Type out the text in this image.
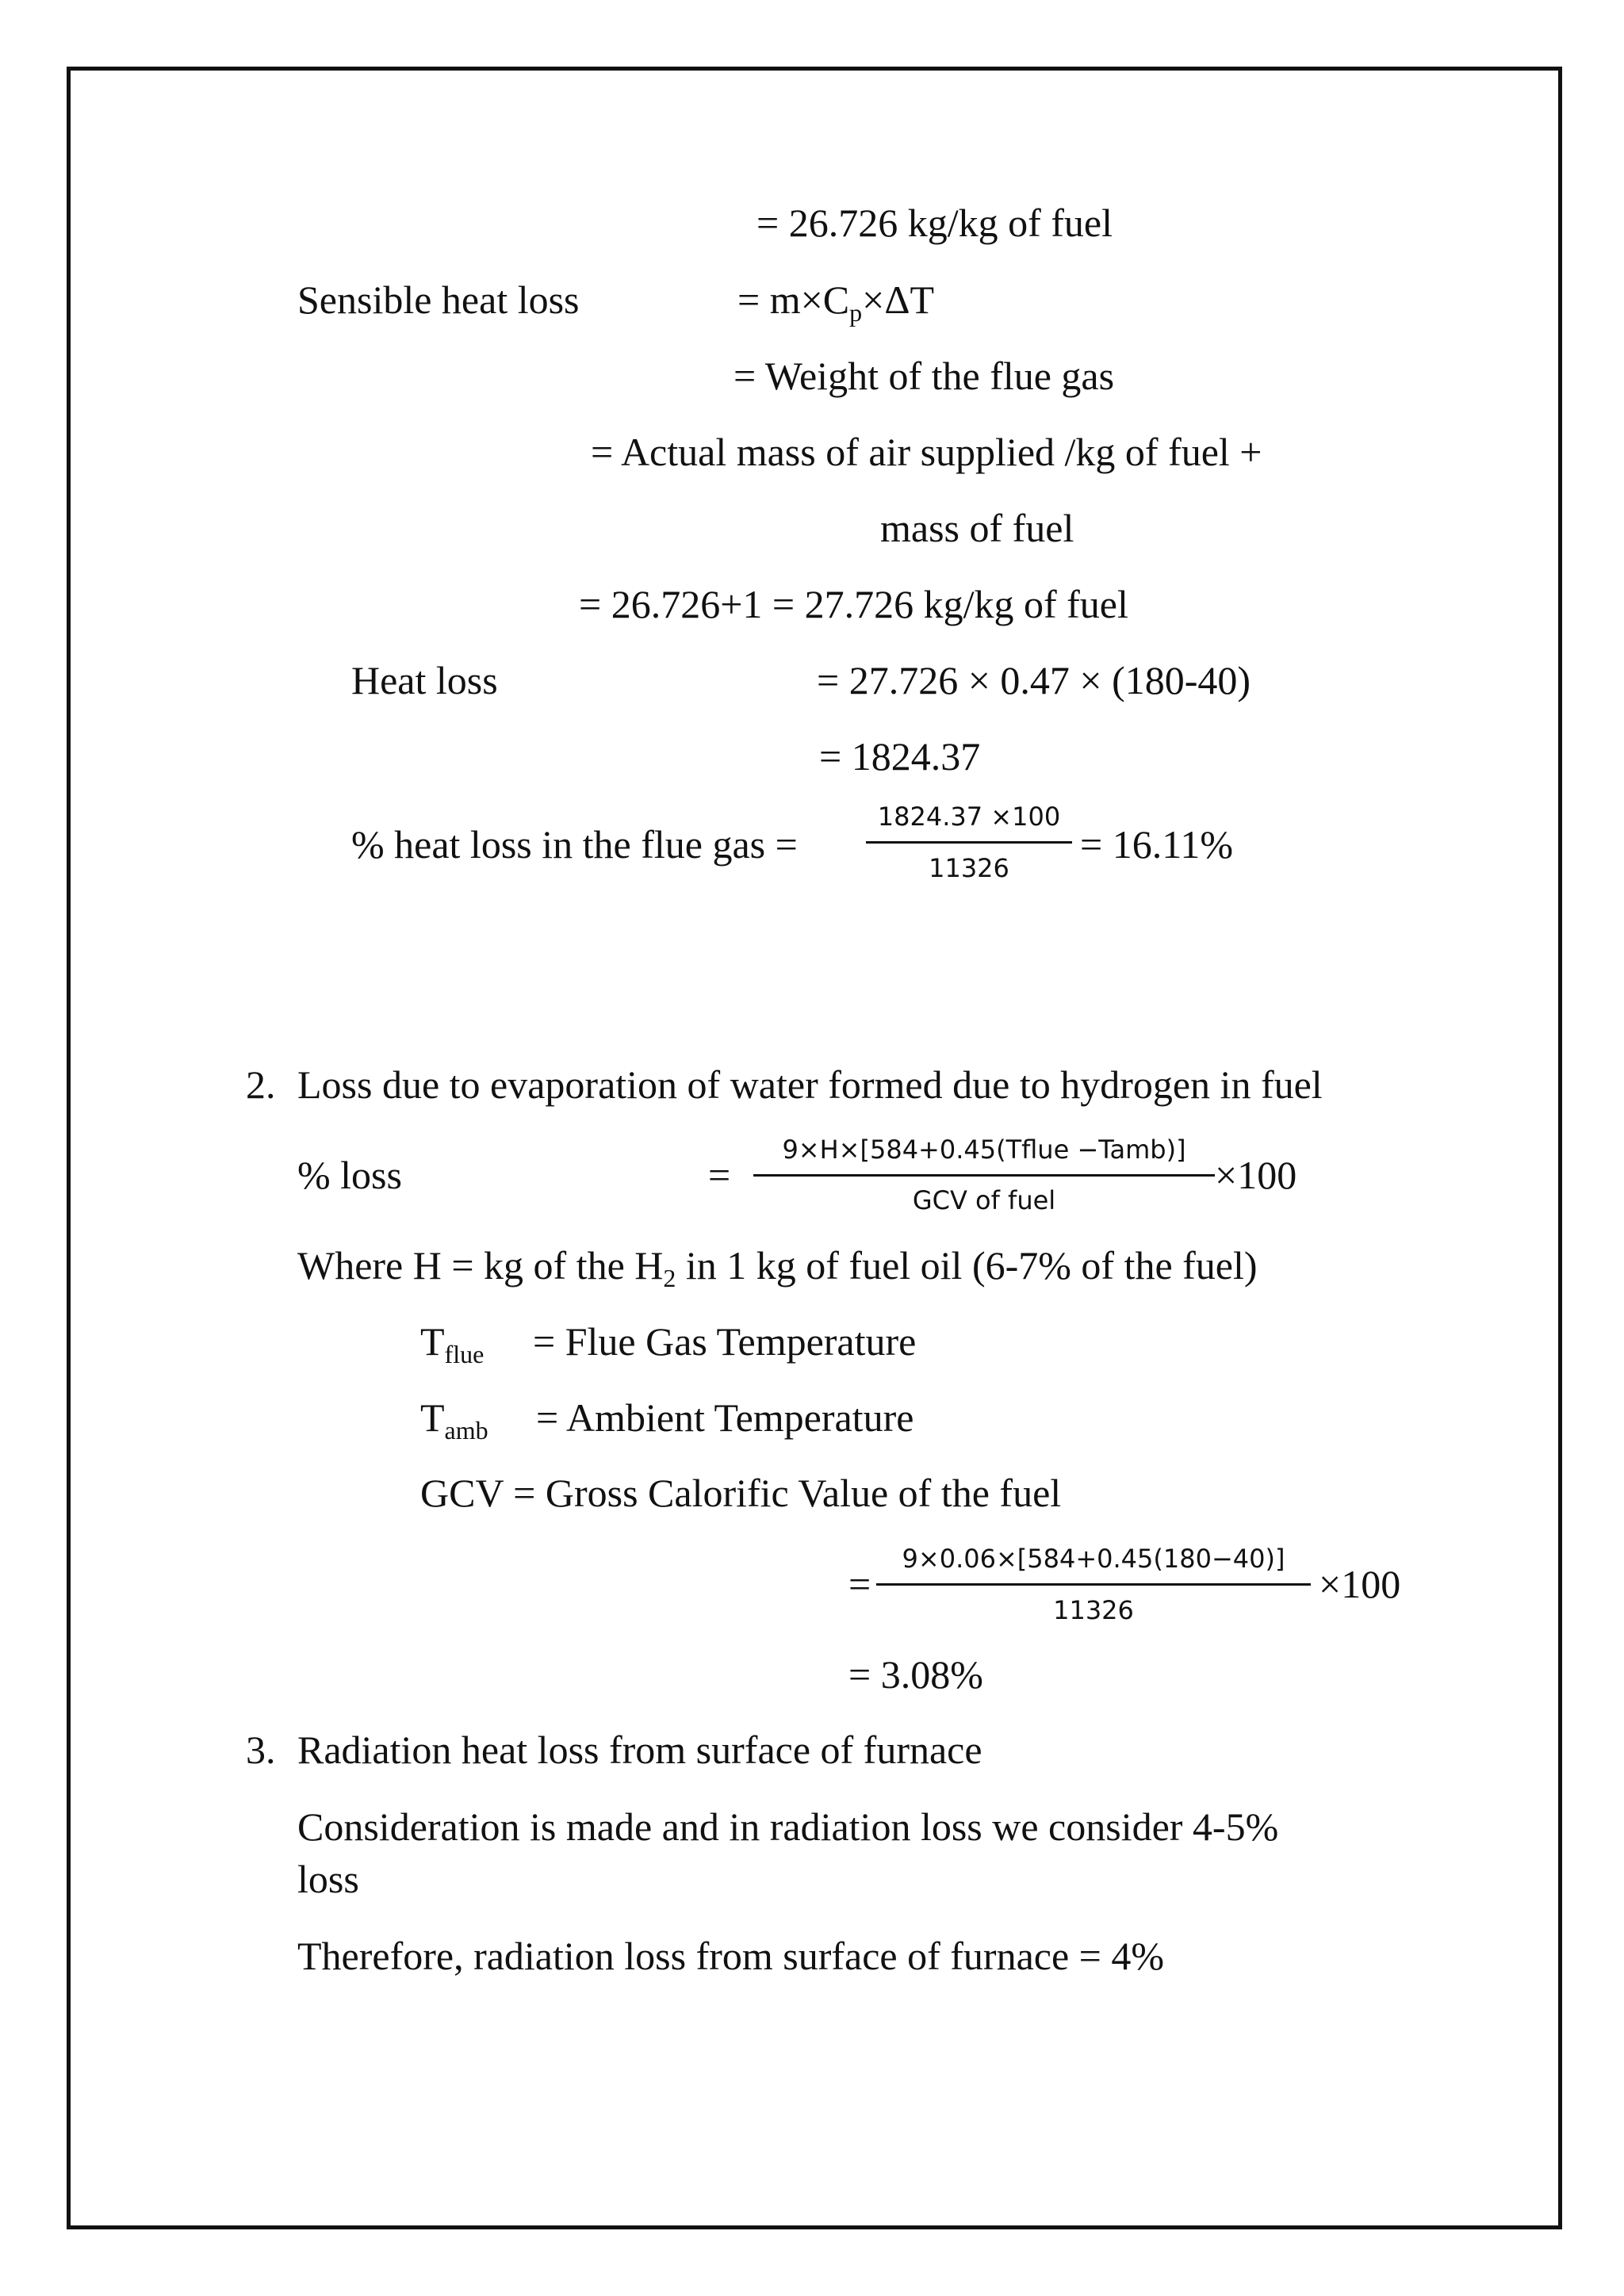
= 26.726 kg/kg of fuel
Sensible heat loss	= $m\times C_p\times\Delta T$
= Weight of the flue gas
= Actual mass of air supplied /kg of fuel +
mass of fuel
= 26.726+1 = 27.726 kg/kg of fuel
Heat loss	= 27.726 × 0.47 × (180-40)
= 1824.37
% heat loss in the flue gas =
1824.37 ×100
11326
= 16.11%
2. Loss due to evaporation of water formed due to hydrogen in fuel
% loss	=
9×H×[584+0.45(Tflue −Tamb)]
GCV of fuel
×100
Where H = kg of the $H_2$ in 1 kg of fuel oil (6-7% of the fuel)
$T_{flue}$ = Flue Gas Temperature
$T_{amb}$ = Ambient Temperature
GCV = Gross Calorific Value of the fuel
=
9×0.06×[584+0.45(180−40)]
11326
×100
= 3.08%
3. Radiation heat loss from surface of furnace
Consideration is made and in radiation loss we consider 4-5%
loss
Therefore, radiation loss from surface of furnace = 4%
